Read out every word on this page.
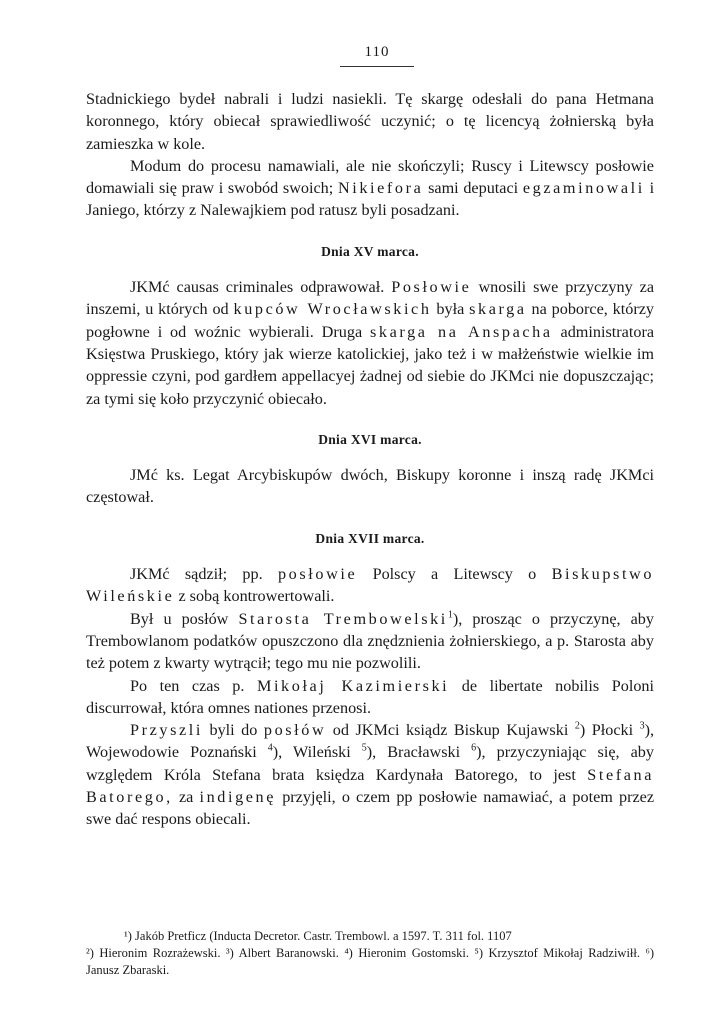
110

Stadnickiego bydeł nabrali i ludzi nasiekli. Tę skargę odesłali do pana Hetmana koronnego, który obiecał sprawiedliwość uczynić; o tę licencyą żołnierską była zamieszka w kole.

Modum do procesu namawiali, ale nie skończyli; Ruscy i Litewscy posłowie domawiali się praw i swobód swoich; Nikiefora sami deputaci egzaminowali i Janiego, którzy z Nalewajkiem pod ratusz byli posadzani.

Dnia XV marca.

JKMć causas criminales odprawował. Posłowie wnosili swe przyczyny za inszemi, u których od kupców Wrocławskich była skarga na poborce, którzy pogłowne i od woźnic wybierali. Druga skarga na Anspacha administratora Księstwa Pruskiego, który jak wierze katolickiej, jako też i w małżeństwie wielkie im oppressie czyni, pod gardłem appellacyej żadnej od siebie do JKMci nie dopuszczając; za tymi się koło przyczynić obiecało.

Dnia XVI marca.

JMć ks. Legat Arcybiskupów dwóch, Biskupy koronne i inszą radę JKMci częstował.

Dnia XVII marca.

JKMć sądził; pp. posłowie Polscy a Litewscy o Biskupstwo Wileńskie z sobą kontrowertowali.

Był u posłów Starosta Trembowelski$^1$), prosząc o przyczynę, aby Trembowlanom podatków opuszczono dla znędznienia żołnierskiego, a p. Starosta aby też potem z kwarty wytrącił; tego mu nie pozwolili.

Po ten czas p. Mikołaj Kazimierski de libertate nobilis Poloni discurrował, która omnes nationes przenosi.

Przyszli byli do posłów od JKMci ksiądz Biskup Kujawski $^2$) Płocki $^3$), Wojewodowie Poznański $^4$), Wileński $^5$), Bracławski $^6$), przyczyniając się, aby względem Króla Stefana brata księdza Kardynała Batorego, to jest Stefana Batorego, za indigenę przyjęli, o czem pp posłowie namawiać, a potem przez swe dać respons obiecali.

¹) Jakób Pretficz (Inducta Decretor. Castr. Trembowl. a 1597. T. 311 fol. 1107

²) Hieronim Rozrażewski. ³) Albert Baranowski. ⁴) Hieronim Gostomski. ⁵) Krzysztof Mikołaj Radziwiłł. ⁶) Janusz Zbaraski.
